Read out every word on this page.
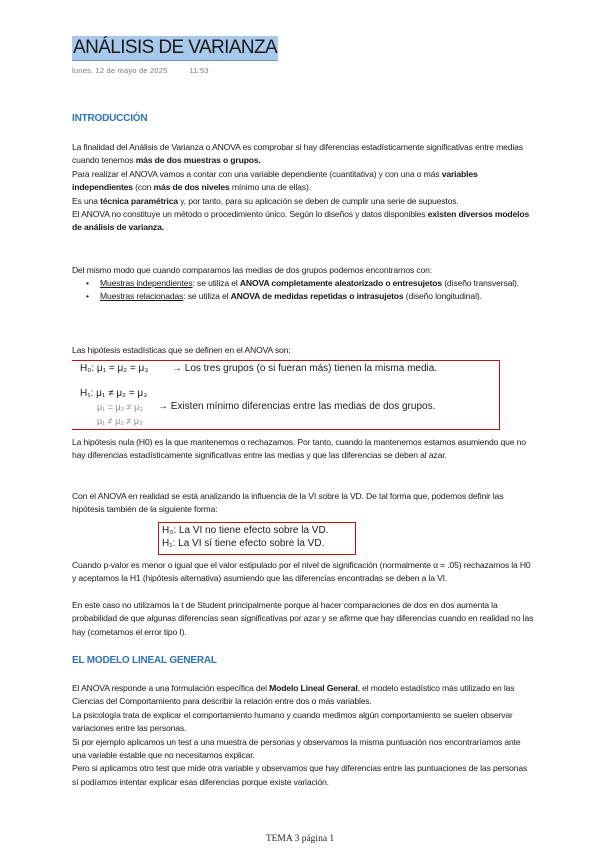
ANÁLISIS DE VARIANZA
lunes, 12 de mayo de 2025	11:53
INTRODUCCIÓN

La finalidad del Análisis de Varianza o ANOVA es comprobar si hay diferencias estadísticamente significativas entre medias cuando tenemos más de dos muestras o grupos.

Para realizar el ANOVA vamos a contar con una variable dependiente (cuantitativa) y con una o más variables independientes (con más de dos niveles mínimo una de ellas).

Es una técnica paramétrica y, por tanto, para su aplicación se deben de cumplir una serie de supuestos.

El ANOVA no constituye un método o procedimiento único. Según lo diseños y datos disponibles existen diversos modelos de análisis de varianza.

Del mismo modo que cuando comparamos las medias de dos grupos podemos encontrarnos con:
• Muestras independientes: se utiliza el ANOVA completamente aleatorizado o entresujetos (diseño transversal).
• Muestras relacionadas: se utiliza el ANOVA de medidas repetidas o intrasujetos (diseño longitudinal).
Las hipótesis estadísticas que se definen en el ANOVA son:
H₀: μ₁ = μ₂ = μ₃ → Los tres grupos (o si fueran más) tienen la misma media.
H₁: μ₁ ≠ μ₂ = μ₃
μ₁ = μ₂ ≠ μ₃ → Existen mínimo diferencias entre las medias de dos grupos.
μ₁ ≠ μ₂ ≠ μ₃
La hipótesis nula (H0) es la que mantenemos o rechazamos. Por tanto, cuando la mantenemos estamos asumiendo que no hay diferencias estadísticamente significativas entre las medias y que las diferencias se deben al azar.
Con el ANOVA en realidad se está analizando la influencia de la VI sobre la VD. De tal forma que, podemos definir las hipótesis también de la siguiente forma:
H₀: La VI no tiene efecto sobre la VD.
H₁: La VI sí tiene efecto sobre la VD.
Cuando p-valor es menor o igual que el valor estipulado por el nivel de significación (normalmente α = .05) rechazamos la H0 y aceptamos la H1 (hipótesis alternativa) asumiendo que las diferencias encontradas se deben a la VI.
En este caso no utilizamos la t de Student principalmente porque al hacer comparaciones de dos en dos aumenta la probabilidad de que algunas diferencias sean significativas por azar y se afirme que hay diferencias cuando en realidad no las hay (cometamos el error tipo I).
EL MODELO LINEAL GENERAL

El ANOVA responde a una formulación específica del Modelo Lineal General, el modelo estadístico más utilizado en las Ciencias del Comportamiento para describir la relación entre dos o más variables.

La psicología trata de explicar el comportamiento humano y cuando medimos algún comportamiento se suelen observar variaciones entre las personas.

Si por ejemplo aplicamos un test a una muestra de personas y observamos la misma puntuación nos encontraríamos ante una variable estable que no necesitamos explicar.

Pero si aplicamos otro test que mide otra variable y observamos que hay diferencias entre las puntuaciones de las personas sí podíamos intentar explicar esas diferencias porque existe variación.

TEMA 3 página 1
